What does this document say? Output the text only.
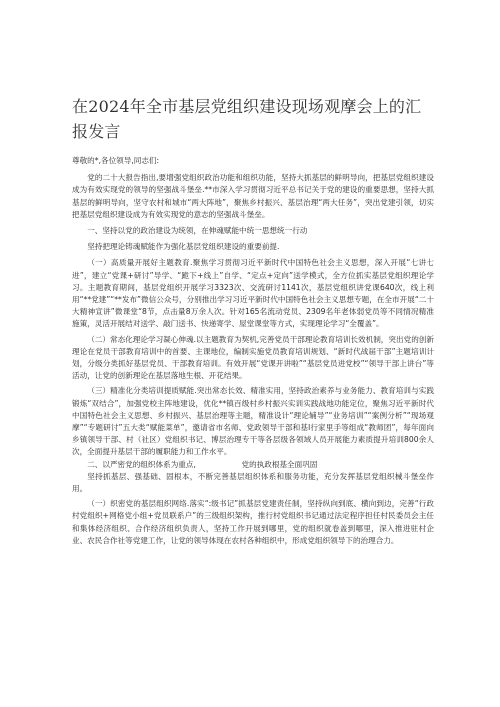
在2024年全市基层党组织建设现场观摩会上的汇报发言

尊敬的*,各位领导,同志们:

党的二十大报告指出,要增强党组织政治功能和组织功能，坚持大抓基层的鲜明导向，把基层党组织建设成为有效实现党的领导的坚强战斗堡垒.**市深入学习贯彻习近平总书记关于党的建设的重要思想，坚持大抓基层的鲜明导向，坚守农村和城市“两大阵地”，聚焦乡村振兴、基层治理“两大任务”，突出党建引领，切实把基层党组织建设成为有效实现党的意志的坚强战斗堡垒。

一、坚持以党的政治建设为统领，在伸魂赋能中统一思想统一行动

坚持把理论铸魂赋能作为强化基层党组织建设的重要前提.

（一）高质量开展好主题教育.聚焦学习贯彻习近平新时代中国特色社会主义思想，深入开展“七讲七进”，建立“党课+研讨”导学、“跪下+线上”自学、“定点+定向”送学模式，全方位抓实基层党组织理论学习。主题教育期间，基层党组织开展学习3323次、交流研讨1141次，基层党组织讲党课640次，线上利用“**党建”“**发布”微信公众号，分别推出学习习近平新时代中国特色社会主义思想专题，在全市开展“二十大精神宣讲”微课堂“8节，点击量8万余人次。针对165名流动党员、2309名年老体弱党员等不同情况精准施策，灵活开展结对送学、敲门送书、快递寄学、屋堂课堂等方式，实现理论学习“全覆盖”。

（二）常态化理论学习凝心伸魂.以主题教育为契机,完善党员干部理论教育培训长效机制，突出党的创新理论在党员干部教育培训中的首要、主课地位，编制实施党员教育培训规划、“新时代战届干部”主题培训计划，分级分类抓好基层党员、干部教育培训。有效开展“党课开讲啦”“基层党员进党校”“领导干部上讲台”等活动，让党的创新理论在基层落地生根、开花结果。

（三）精准化分类培训提质赋能.突出常态长效、精准实用，坚持政治素养与业务能力、教育培训与实践锻炼“双结合”，加强党校主阵地建设，优化**镇百级村乡村振兴实训实践战地功能定位，聚焦习近平新时代中国特色社会主义思想、乡村振兴、基层治理等主题，精准设计“理论辅导”“业务培训”“案例分析”“现场观摩”“专题研讨”五大类“赋能菜单”，邀请省市名师、党政领导干部和基l行家里手等组成“教师团”，每年面向乡镇领导干部、村（社区）党组织书记、博层治理专干等各层级各领域人员开展能力素质提升培训800余人次，全面提升基层干部的履职能力和工作水平。

二、以严密党的组织体系为重点,　　　　　　党的执政根基全面巩固

坚持抓基层、强基础、固根本，不断完善基层组织体系和服务功能，充分发挥基层党组织械斗堡垒作用。

（一）织密党的基层组织网络.落实“:级书记”抓基层党建责任制，坚持纵向到底、横向到边，完善“行政村党组织+网格党小组+党员联系户”的三级组织架构，推行村党组织书记通过法定程序担任村民委员会主任和集体经济组织、合作经济组织负责人，坚持工作开展到哪里，党的组织就卷盖到哪里，深入推进驻村企业、农民合作社等党建工作，让党的领导体现在农村各种组织中，形成党组织领导下的治理合力。
